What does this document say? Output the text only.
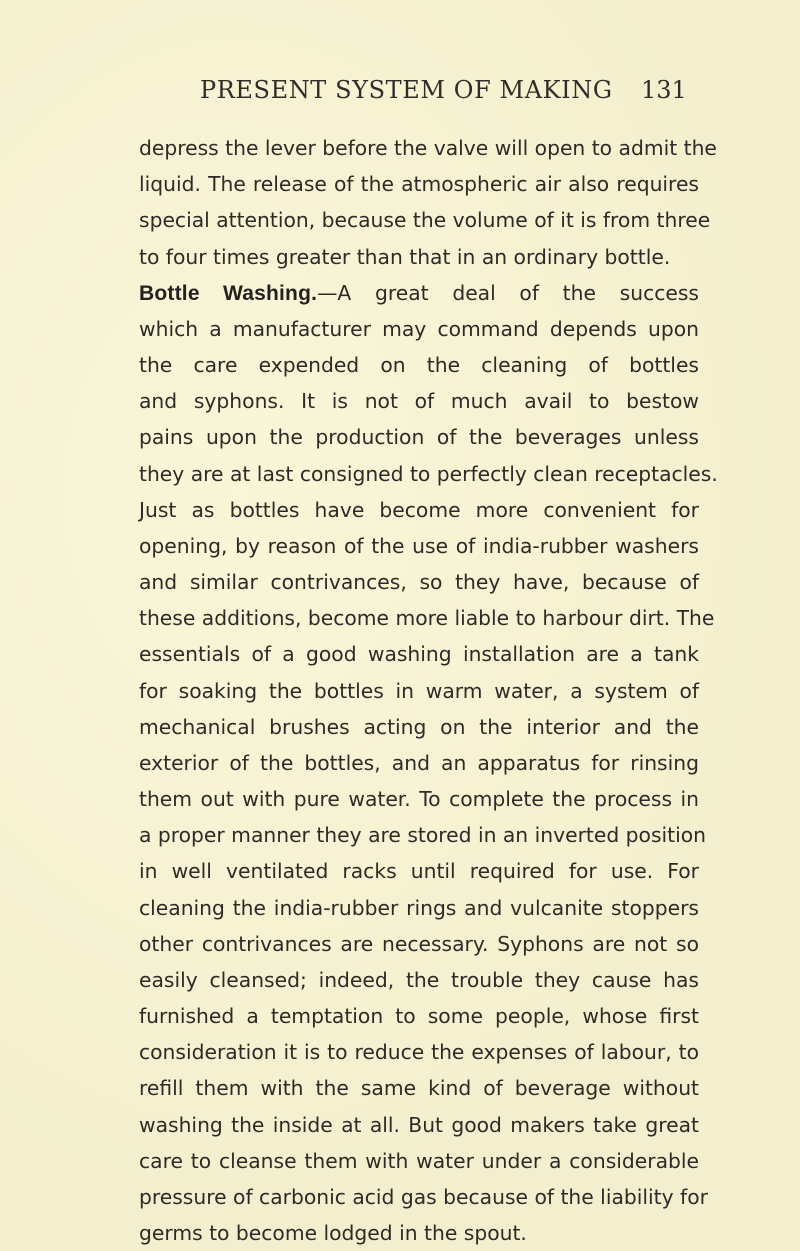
PRESENT SYSTEM OF MAKING 131
depress the lever before the valve will open to admit the
liquid. The release of the atmospheric air also requires
special attention, because the volume of it is from three
to four times greater than that in an ordinary bottle.
Bottle Washing.—A great deal of the success
which a manufacturer may command depends upon
the care expended on the cleaning of bottles
and syphons. It is not of much avail to bestow
pains upon the production of the beverages unless
they are at last consigned to perfectly clean receptacles.
Just as bottles have become more convenient for
opening, by reason of the use of india-rubber washers
and similar contrivances, so they have, because of
these additions, become more liable to harbour dirt. The
essentials of a good washing installation are a tank
for soaking the bottles in warm water, a system of
mechanical brushes acting on the interior and the
exterior of the bottles, and an apparatus for rinsing
them out with pure water. To complete the process in
a proper manner they are stored in an inverted position
in well ventilated racks until required for use. For
cleaning the india-rubber rings and vulcanite stoppers
other contrivances are necessary. Syphons are not so
easily cleansed; indeed, the trouble they cause has
furnished a temptation to some people, whose first
consideration it is to reduce the expenses of labour, to
refill them with the same kind of beverage without
washing the inside at all. But good makers take great
care to cleanse them with water under a considerable
pressure of carbonic acid gas because of the liability for
germs to become lodged in the spout.
